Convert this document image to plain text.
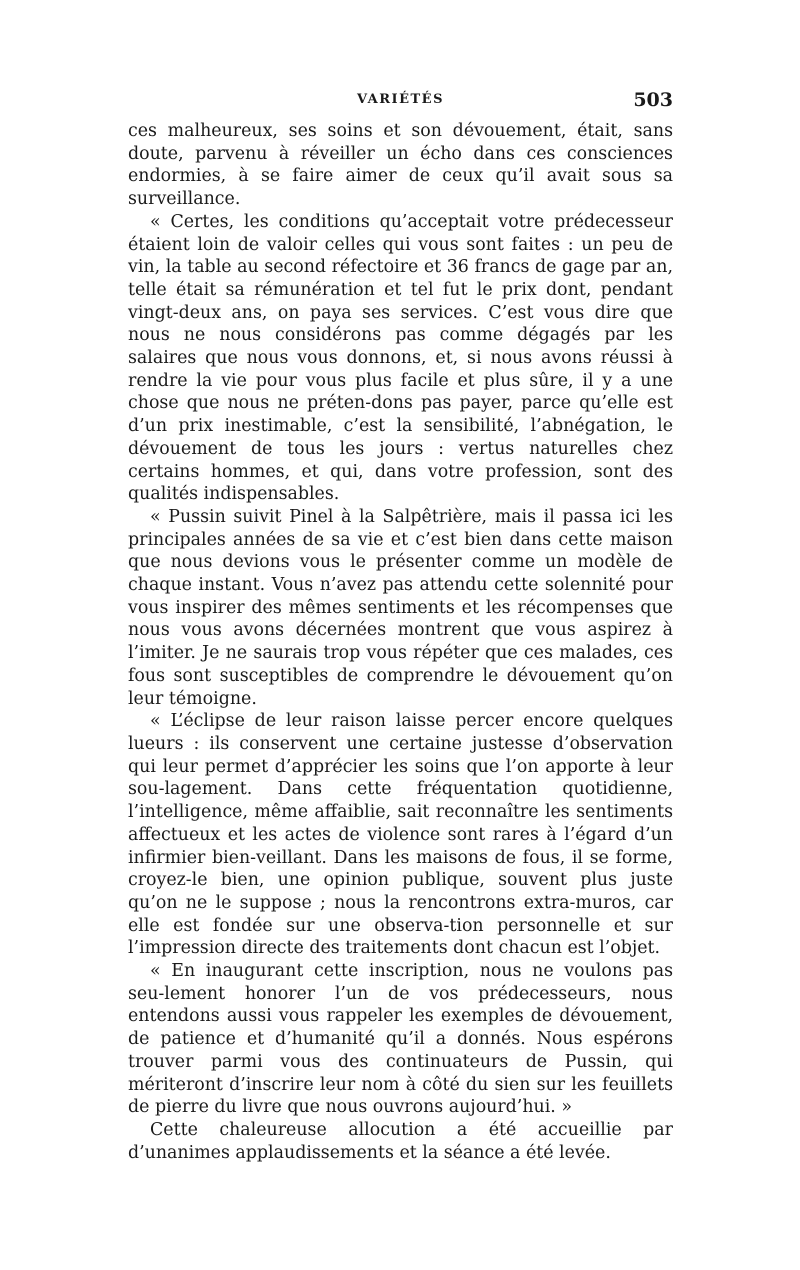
VARIÉTÉS	503

ces malheureux, ses soins et son dévouement, était, sans doute, parvenu à réveiller un écho dans ces consciences endormies, à se faire aimer de ceux qu’il avait sous sa surveillance.

« Certes, les conditions qu’acceptait votre prédecesseur étaient loin de valoir celles qui vous sont faites : un peu de vin, la table au second réfectoire et 36 francs de gage par an, telle était sa rémunération et tel fut le prix dont, pendant vingt-deux ans, on paya ses services. C’est vous dire que nous ne nous considérons pas comme dégagés par les salaires que nous vous donnons, et, si nous avons réussi à rendre la vie pour vous plus facile et plus sûre, il y a une chose que nous ne préten-dons pas payer, parce qu’elle est d’un prix inestimable, c’est la sensibilité, l’abnégation, le dévouement de tous les jours : vertus naturelles chez certains hommes, et qui, dans votre profession, sont des qualités indispensables.

« Pussin suivit Pinel à la Salpêtrière, mais il passa ici les principales années de sa vie et c’est bien dans cette maison que nous devions vous le présenter comme un modèle de chaque instant. Vous n’avez pas attendu cette solennité pour vous inspirer des mêmes sentiments et les récompenses que nous vous avons décernées montrent que vous aspirez à l’imiter. Je ne saurais trop vous répéter que ces malades, ces fous sont susceptibles de comprendre le dévouement qu’on leur témoigne.

« L’éclipse de leur raison laisse percer encore quelques lueurs : ils conservent une certaine justesse d’observation qui leur permet d’apprécier les soins que l’on apporte à leur sou-lagement. Dans cette fréquentation quotidienne, l’intelligence, même affaiblie, sait reconnaître les sentiments affectueux et les actes de violence sont rares à l’égard d’un infirmier bien-veillant. Dans les maisons de fous, il se forme, croyez-le bien, une opinion publique, souvent plus juste qu’on ne le suppose ; nous la rencontrons extra-muros, car elle est fondée sur une observa-tion personnelle et sur l’impression directe des traitements dont chacun est l’objet.

« En inaugurant cette inscription, nous ne voulons pas seu-lement honorer l’un de vos prédecesseurs, nous entendons aussi vous rappeler les exemples de dévouement, de patience et d’humanité qu’il a donnés. Nous espérons trouver parmi vous des continuateurs de Pussin, qui mériteront d’inscrire leur nom à côté du sien sur les feuillets de pierre du livre que nous ouvrons aujourd’hui. »

Cette chaleureuse allocution a été accueillie par d’unanimes applaudissements et la séance a été levée.
